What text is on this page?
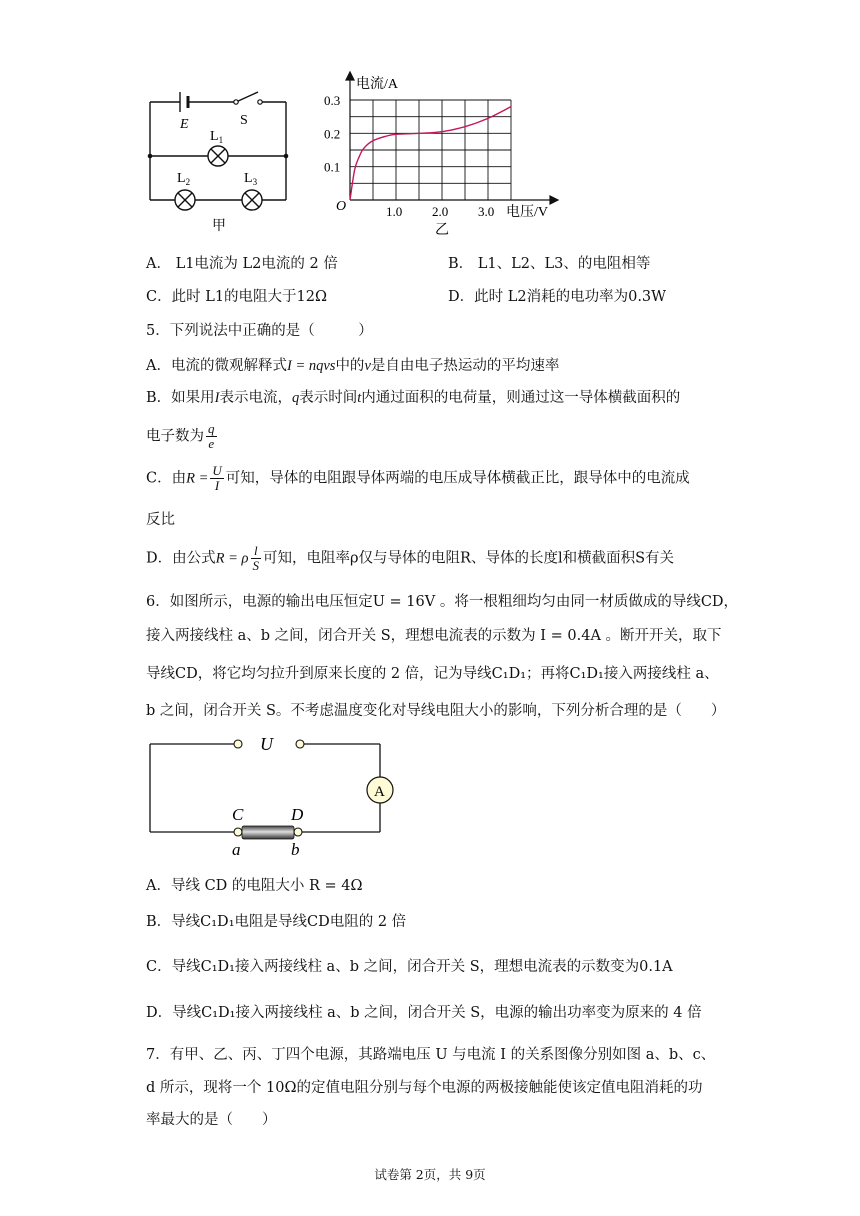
E	S
$L_1$
$L_2$	$L_3$
甲
1.0 2.0 3.0
0.1
0.2
0.3
电流/A
电压/V
O
乙
A． L1电流为 L2电流的 2 倍	B． L1、L2、L3、的电阻相等
C．此时 L1的电阻大于12Ω	D．此时 L2消耗的电功率为0.3W
5．下列说法中正确的是（　　　）
A．电流的微观解释式I = nqvs中的v是自由电子热运动的平均速率
B．如果用I表示电流，q表示时间t内通过面积的电荷量，则通过这一导体横截面积的
电子数为 $\frac{q}{e}$
C．由$R = \frac{U}{I}$ 可知，导体的电阻跟导体两端的电压成导体横截正比，跟导体中的电流成
反比
D．由公式R = ρ $\frac{l}{S}$ 可知，电阻率ρ仅与导体的电阻R、导体的长度l和横截面积S有关
6．如图所示，电源的输出电压恒定U = 16V 。将一根粗细均匀由同一材质做成的导线CD，
接入两接线柱 a、b 之间，闭合开关 S，理想电流表的示数为 I = 0.4A 。断开开关，取下
导线CD，将它均匀拉升到原来长度的 2 倍，记为导线C₁D₁；再将C₁D₁接入两接线柱 a、
b 之间，闭合开关 S。不考虑温度变化对导线电阻大小的影响，下列分析合理的是（　　）
U
A
C	D
a	b
A．导线 CD 的电阻大小 R = 4Ω
B．导线C₁D₁电阻是导线CD电阻的 2 倍
C．导线C₁D₁接入两接线柱 a、b 之间，闭合开关 S，理想电流表的示数变为0.1A
D．导线C₁D₁接入两接线柱 a、b 之间，闭合开关 S，电源的输出功率变为原来的 4 倍
7．有甲、乙、丙、丁四个电源，其路端电压 U 与电流 I 的关系图像分别如图 a、b、c、
d 所示，现将一个 10Ω的定值电阻分别与每个电源的两极接触能使该定值电阻消耗的功
率最大的是（　　）
试卷第 2页，共 9页
